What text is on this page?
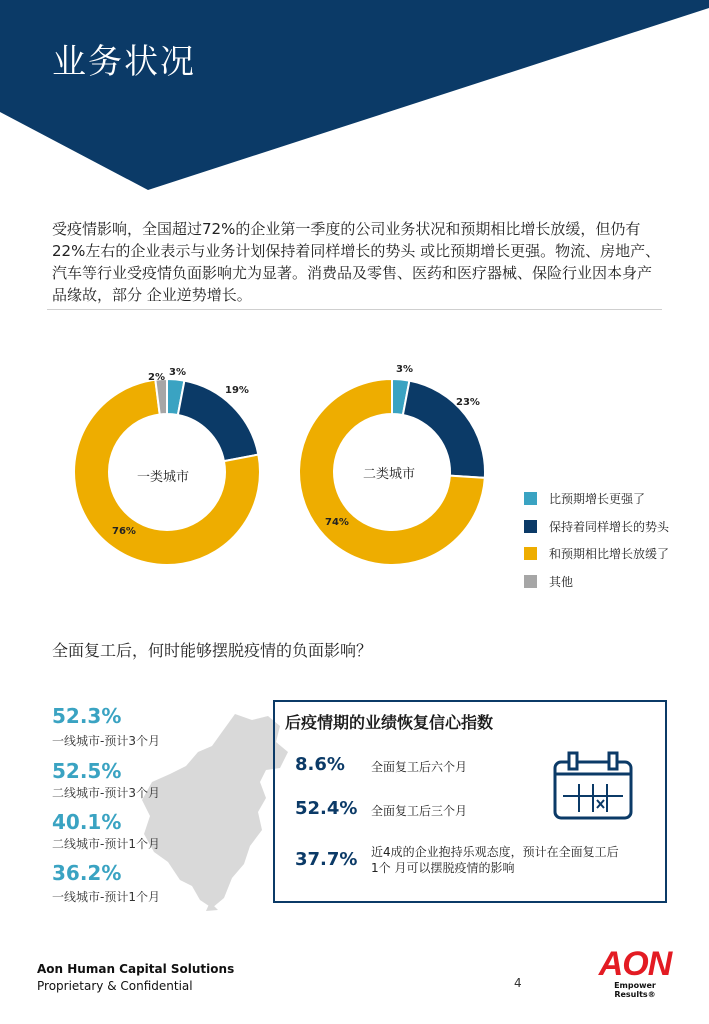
业务状况
受疫情影响，全国超过72%的企业第一季度的公司业务状况和预期相比增长放缓，但仍有22%左右的企业表示与业务计划保持着同样增长的势头 或比预期增长更强。物流、房地产、汽车等行业受疫情负面影响尤为显著。消费品及零售、医药和医疗器械、保险行业因本身产品缘故，部分 企业逆势增长。
一类城市
3%
19%
76%
2%
二类城市
3%
23%
74%
比预期增长更强了
保持着同样增长的势头
和预期相比增长放缓了
其他
全面复工后，何时能够摆脱疫情的负面影响？
52.3%
一线城市-预计3个月
52.5%
二线城市-预计3个月
40.1%
二线城市-预计1个月
36.2%
一线城市-预计1个月
后疫情期的业绩恢复信心指数
8.6% 全面复工后六个月
52.4% 全面复工后三个月
37.7% 近4成的企业抱持乐观态度，预计在全面复工后1个 月可以摆脱疫情的影响
Aon Human Capital Solutions
Proprietary & Confidential	4 AON
Empower Results®
